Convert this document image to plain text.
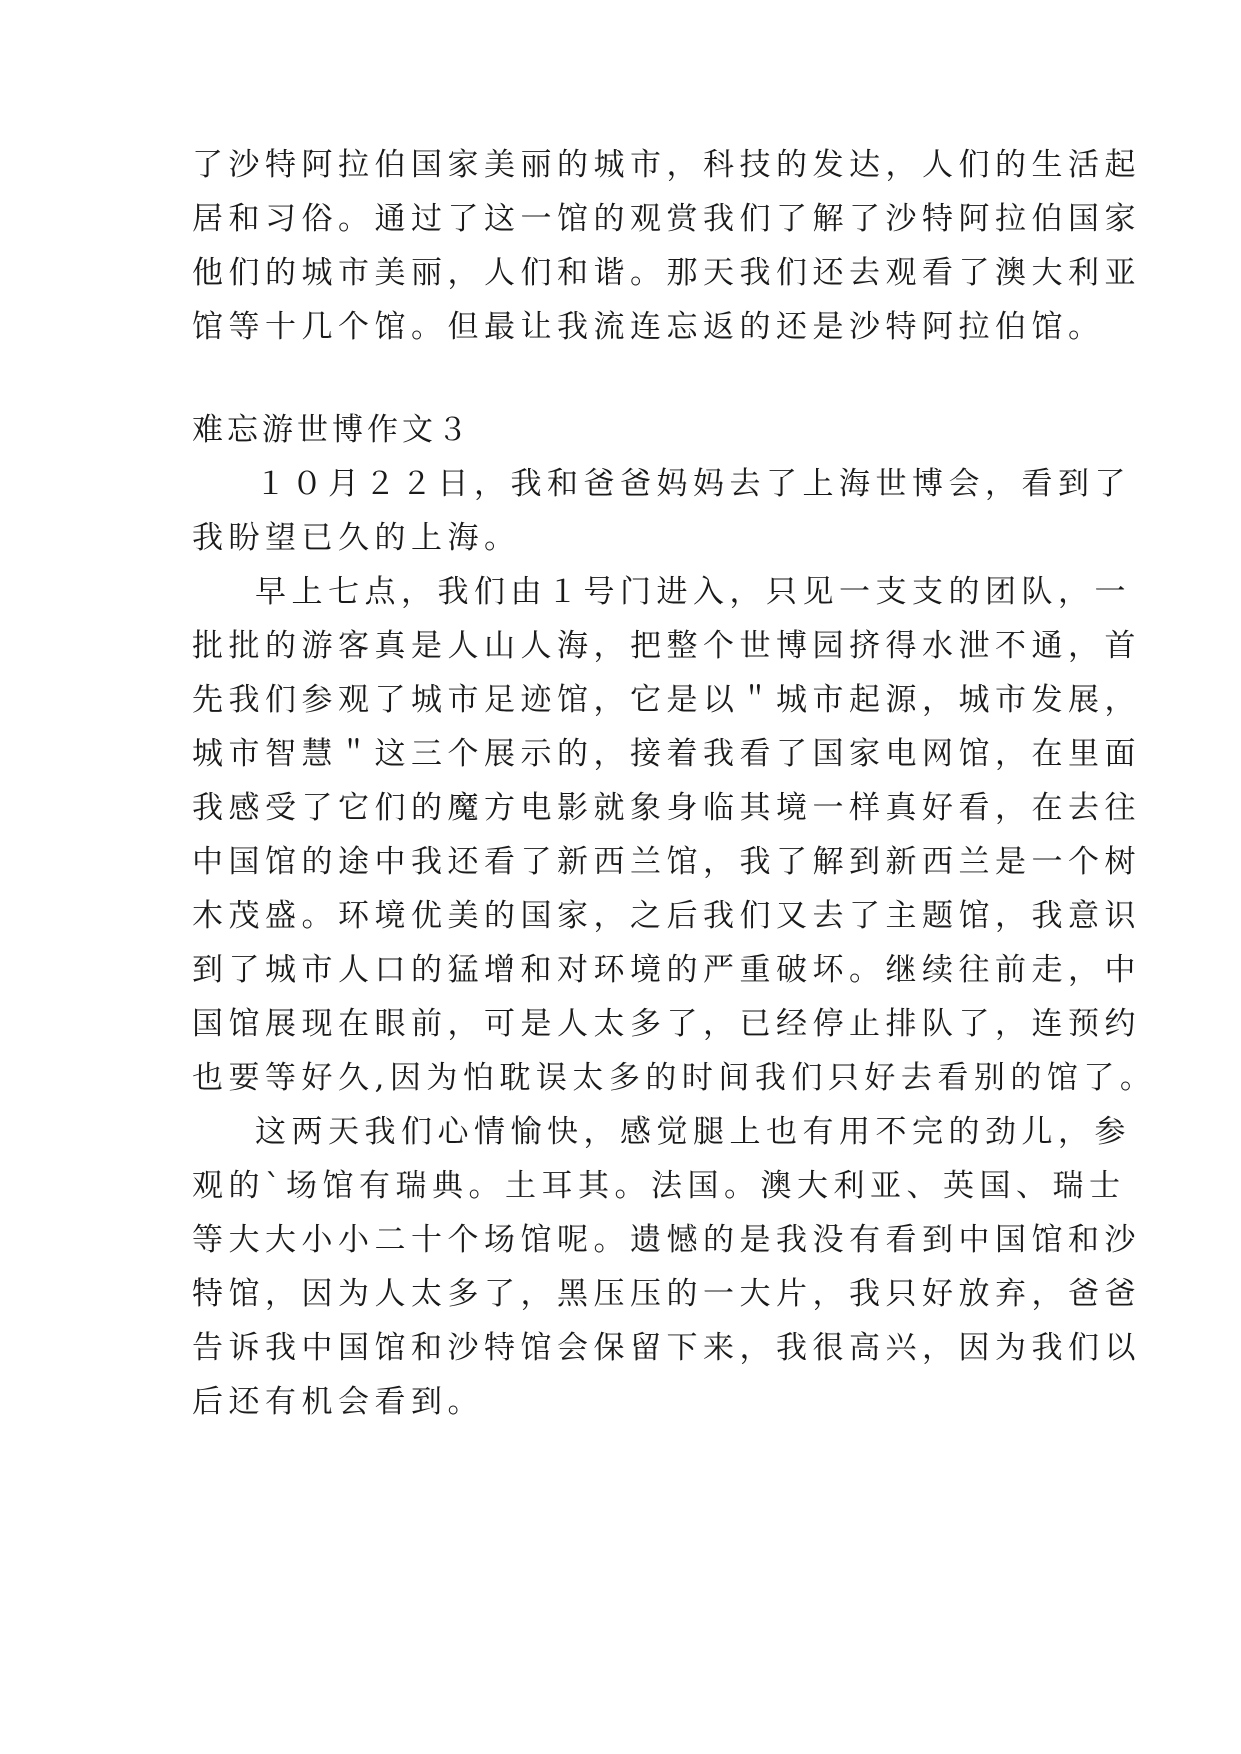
了沙特阿拉伯国家美丽的城市，科技的发达，人们的生活起
居和习俗。通过了这一馆的观赏我们了解了沙特阿拉伯国家
他们的城市美丽，人们和谐。那天我们还去观看了澳大利亚
馆等十几个馆。但最让我流连忘返的还是沙特阿拉伯馆。
难忘游世博作文３
１０月２２日，我和爸爸妈妈去了上海世博会，看到了
我盼望已久的上海。
早上七点，我们由１号门进入，只见一支支的团队，一
批批的游客真是人山人海，把整个世博园挤得水泄不通，首
先我们参观了城市足迹馆，它是以＂城市起源，城市发展，
城市智慧＂这三个展示的，接着我看了国家电网馆，在里面
我感受了它们的魔方电影就象身临其境一样真好看，在去往
中国馆的途中我还看了新西兰馆，我了解到新西兰是一个树
木茂盛。环境优美的国家，之后我们又去了主题馆，我意识
到了城市人口的猛增和对环境的严重破坏。继续往前走，中
国馆展现在眼前，可是人太多了，已经停止排队了，连预约
也要等好久,因为怕耽误太多的时间我们只好去看别的馆了。
这两天我们心情愉快，感觉腿上也有用不完的劲儿，参
观的`场馆有瑞典。土耳其。法国。澳大利亚、英国、瑞士
等大大小小二十个场馆呢。遗憾的是我没有看到中国馆和沙
特馆，因为人太多了，黑压压的一大片，我只好放弃，爸爸
告诉我中国馆和沙特馆会保留下来，我很高兴，因为我们以
后还有机会看到。
